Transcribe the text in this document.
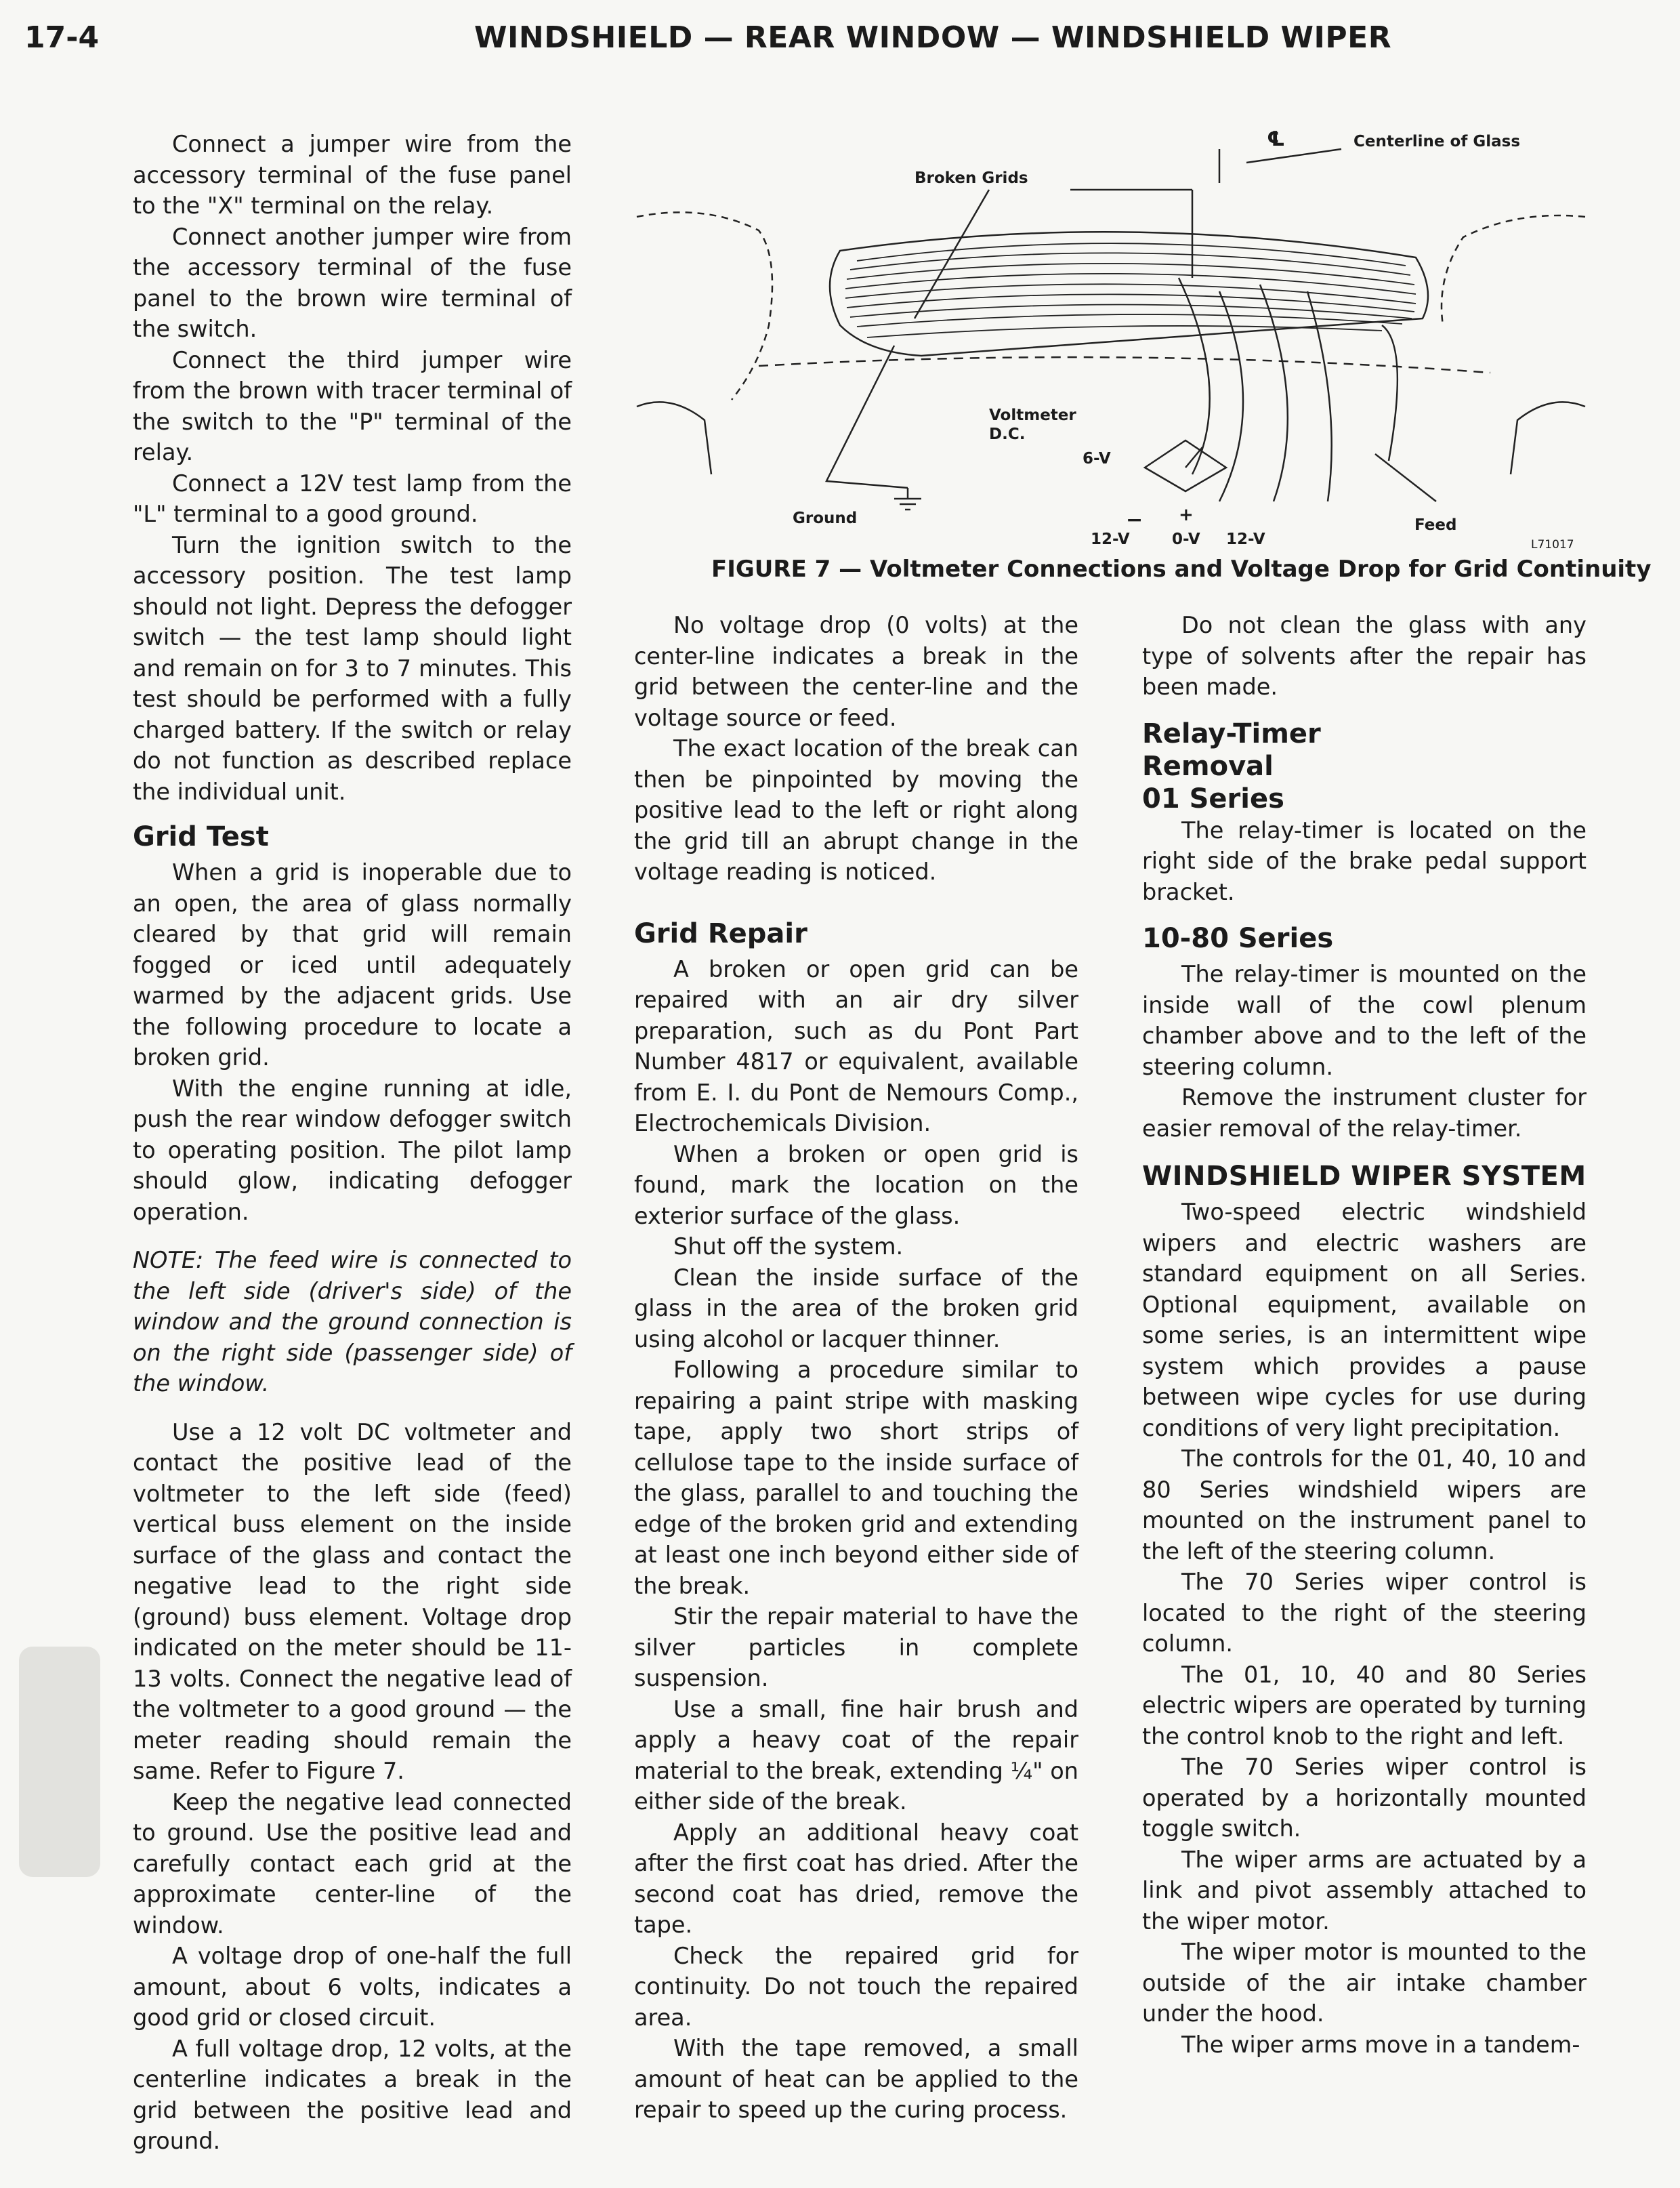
17-4	WINDSHIELD — REAR WINDOW — WINDSHIELD WIPER
℄	Centerline of Glass
Broken Grids
Voltmeter
D.C.
6-V
Ground	− +
12-V	0-V 12-V
Feed
L71017
FIGURE 7 — Voltmeter Connections and Voltage Drop for Grid Continuity

Connect a jumper wire from the accessory terminal of the fuse panel to the "X" terminal on the relay.

Connect another jumper wire from the accessory terminal of the fuse panel to the brown wire terminal of the switch.

Connect the third jumper wire from the brown with tracer terminal of the switch to the "P" terminal of the relay.

Connect a 12V test lamp from the "L" terminal to a good ground.

Turn the ignition switch to the accessory position. The test lamp should not light. Depress the defogger switch — the test lamp should light and remain on for 3 to 7 minutes. This test should be performed with a fully charged battery. If the switch or relay do not function as described replace the individual unit.

Grid Test

When a grid is inoperable due to an open, the area of glass normally cleared by that grid will remain fogged or iced until adequately warmed by the adjacent grids. Use the following procedure to locate a broken grid.

With the engine running at idle, push the rear window defogger switch to operating position. The pilot lamp should glow, indicating defogger operation.

NOTE: The feed wire is connected to the left side (driver's side) of the window and the ground connection is on the right side (passenger side) of the window.

Use a 12 volt DC voltmeter and contact the positive lead of the voltmeter to the left side (feed) vertical buss element on the inside surface of the glass and contact the negative lead to the right side (ground) buss element. Voltage drop indicated on the meter should be 11-13 volts. Connect the negative lead of the voltmeter to a good ground — the meter reading should remain the same. Refer to Figure 7.

Keep the negative lead connected to ground. Use the positive lead and carefully contact each grid at the approximate center-line of the window.

A voltage drop of one-half the full amount, about 6 volts, indicates a good grid or closed circuit.

A full voltage drop, 12 volts, at the centerline indicates a break in the grid between the positive lead and ground.

No voltage drop (0 volts) at the center-line indicates a break in the grid between the center-line and the voltage source or feed.

The exact location of the break can then be pinpointed by moving the positive lead to the left or right along the grid till an abrupt change in the voltage reading is noticed.

Grid Repair

A broken or open grid can be repaired with an air dry silver preparation, such as du Pont Part Number 4817 or equivalent, available from E. I. du Pont de Nemours Comp., Electrochemicals Division.

When a broken or open grid is found, mark the location on the exterior surface of the glass.

Shut off the system.

Clean the inside surface of the glass in the area of the broken grid using alcohol or lacquer thinner.

Following a procedure similar to repairing a paint stripe with masking tape, apply two short strips of cellulose tape to the inside surface of the glass, parallel to and touching the edge of the broken grid and extending at least one inch beyond either side of the break.

Stir the repair material to have the silver particles in complete suspension.

Use a small, fine hair brush and apply a heavy coat of the repair material to the break, extending ¼" on either side of the break.

Apply an additional heavy coat after the first coat has dried. After the second coat has dried, remove the tape.

Check the repaired grid for continuity. Do not touch the repaired area.

With the tape removed, a small amount of heat can be applied to the repair to speed up the curing process.

Do not clean the glass with any type of solvents after the repair has been made.

Relay-Timer
Removal
01 Series

The relay-timer is located on the right side of the brake pedal support bracket.

10-80 Series

The relay-timer is mounted on the inside wall of the cowl plenum chamber above and to the left of the steering column.

Remove the instrument cluster for easier removal of the relay-timer.

WINDSHIELD WIPER SYSTEM

Two-speed electric windshield wipers and electric washers are standard equipment on all Series. Optional equipment, available on some series, is an intermittent wipe system which provides a pause between wipe cycles for use during conditions of very light precipitation.

The controls for the 01, 40, 10 and 80 Series windshield wipers are mounted on the instrument panel to the left of the steering column.

The 70 Series wiper control is located to the right of the steering column.

The 01, 10, 40 and 80 Series electric wipers are operated by turning the control knob to the right and left.

The 70 Series wiper control is operated by a horizontally mounted toggle switch.

The wiper arms are actuated by a link and pivot assembly attached to the wiper motor.

The wiper motor is mounted to the outside of the air intake chamber under the hood.

The wiper arms move in a tandem-
